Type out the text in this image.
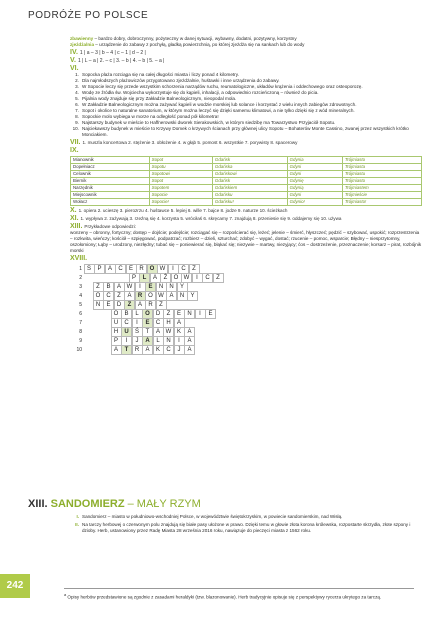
PODRÓŻE PO POLSCE

zbawienny – bardzo dobry, dobroczynny, pożyteczny w danej sytuacji, wybawny, dodatni, pozytywny, korzystny

zjeżdżalnia – urządzenie do zabawy z pochyłą, gładką powierzchnią, po której zjeżdża się na sankach lub do wody

IV. 1 | a – 3 | b – 4 | c – 1 | d – 2 |
V. 1 | L – a | 2. – c | 3. – b | 4. – b | 5. – a |
VI.
1. Sopocka plaża rozciąga się na całej długości miasta i liczy ponad 4 kilometry.
2. Dla najmłodszych plażowiczów przygotowano zjeżdżalnie, huśtawki i inne urządzenia do zabawy.
3. W Sopocie leczy się przede wszystkim schorzenia narządów ruchu, reumatologiczne, układów krążenia i oddechowego oraz osteoporozę.
4. Wodę ze źródła św. Wojciecha wykorzystuje się do kąpieli, inhalacji, a odpowiednio rozcieńczoną – również do picia.
5. Pijalnia wody znajduje się przy Zakładzie Balneologicznym, nieopodal mola.
6. W Zakładzie Balneologicznym można zażywać kąpieli w wodzie morskiej lub solance i korzystać z wielu innych zabiegów zdrowotnych.
7. Sopot i okolice to naturalne sanatorium, w którym można leczyć się dzięki samemu klimatowi, a nie tylko dzięki się z wód mineralnych.
8. Sopockie molo wybiega w morze na odległość ponad pół kilometra!
9. Najstarszy budynek w mieście to Haffnerowski dworek Sierakowskich, w którym siedzibę ma Towarzystwo Przyjaciół Sopotu.
10. Najciekawszy budynek w mieście to Krzywy Domek o krzywych ścianach przy głównej ulicy Sopotu – Bohaterów Monte Cassino, zwanej przez wszystkich krótko Monciakiem.
VII. 1. muszla koncertowa 2. stężenie 3. obłożenie 4. w głąb 5. pomost 6. wszystkie 7. porywisty 8. spacerowy
IX.
Mianownik	Sopot	Gdańsk	Gdynia	Trójmiasto
Dopełniacz	Sopotu	Gdańska	Gdyni	Trójmiasta
Celownik	Sopotowi	Gdańskowi	Gdyni	Trójmiastu
Biernik	Sopot	Gdańsk	Gdynię	Trójmiasto
Narzędnik	Sopotem	Gdańskiem	Gdynią	Trójmiastem
Miejscownik	Sopocie	Gdańsku	Gdyni	Trójmieście
Wołacz	Sopocie!	Gdańsku!	Gdynio!	Trójmiasto!
X. 1. opiera 2. ucieszę 3. pierozrzu 4. huśtawce 5. lepiej 6. wille 7. bajce 8. jodze 9. naturze 10. ścieżkach
XI. 1. wypływa 2. zażywają 3. rzeźną się 4. korzysta 5. wróciłaś 6. skręcamy 7. znajdują 8. przeniesie się 9. oddajemy się 10. używa
XIII. Przykładowe odpowiedzi:

wonzeny – obronny, fortyczny; dostęp – dojście; podejście; rozciągać się – rozpościerać się, leżeć; jelenie – śmierć, hłyszczeć; pędzić – szybować, uspokić; rozprzestrzenia – rozkwita, wieńczy; kościół – szpięgować, podpatrzać; rozbierz – dzieli, szturchać; zdobyć – wygać, dostać; rzucenie – pomoc, wsparcie; Błędny – niesprzytomny, oszołomiony; Łąby – urodzony, niezłędny; tubać się – poniewierać się, błąkać się; niezywie – martwy, niezyjący; ćos – dostrzeżenie, przeznaczenie; korsarz – pirat, rozbójnik morski

XVIII.
1 S	P	A	C	E	R O W	I	C	Z
2	P	L	A	Ż	O W	I	C	Z
3	Z	B	A W	I	E	N	N	Y
4	O	C	Z	A	R O W A	N	Y
5	N	E	D	Z	A	R	Z
6	O	B	L	O	D	Z	E	N	I	E
7	U	C	I	E	C	H	A
8	H	U	Ś	T	A W K	A
9	P	I	J	A	L	N	I	A
10	A	T	R	A	K	C	J	A
XIII. SANDOMIERZ – MAŁY RZYM
I. Sandomierz – miasto w południowo-wschodniej Polsce, w województwie świętokrzyskim, w powiecie sandomierskim, nad Wisłą.
II. Na tarczy herbowej o czerwonym polu znajdują się białe pasy ułożone w prawo. Dzięki temu w głowie złota korona królewska, rozpostarte skrzydła, złote szpony i dzioby. Herb, ustanowiony przez Radę Miasta 28 września 2016 roku, nawiązuje do pieczęci miasta z 1562 roku.
$^a$ Opisy herbów przedstawione są zgodnie z zasadami heraldyki (tzw. blazonowanie). Herb tradycyjnie opisuje się z perspektywy rycerza ukrytego za tarczą.
242
